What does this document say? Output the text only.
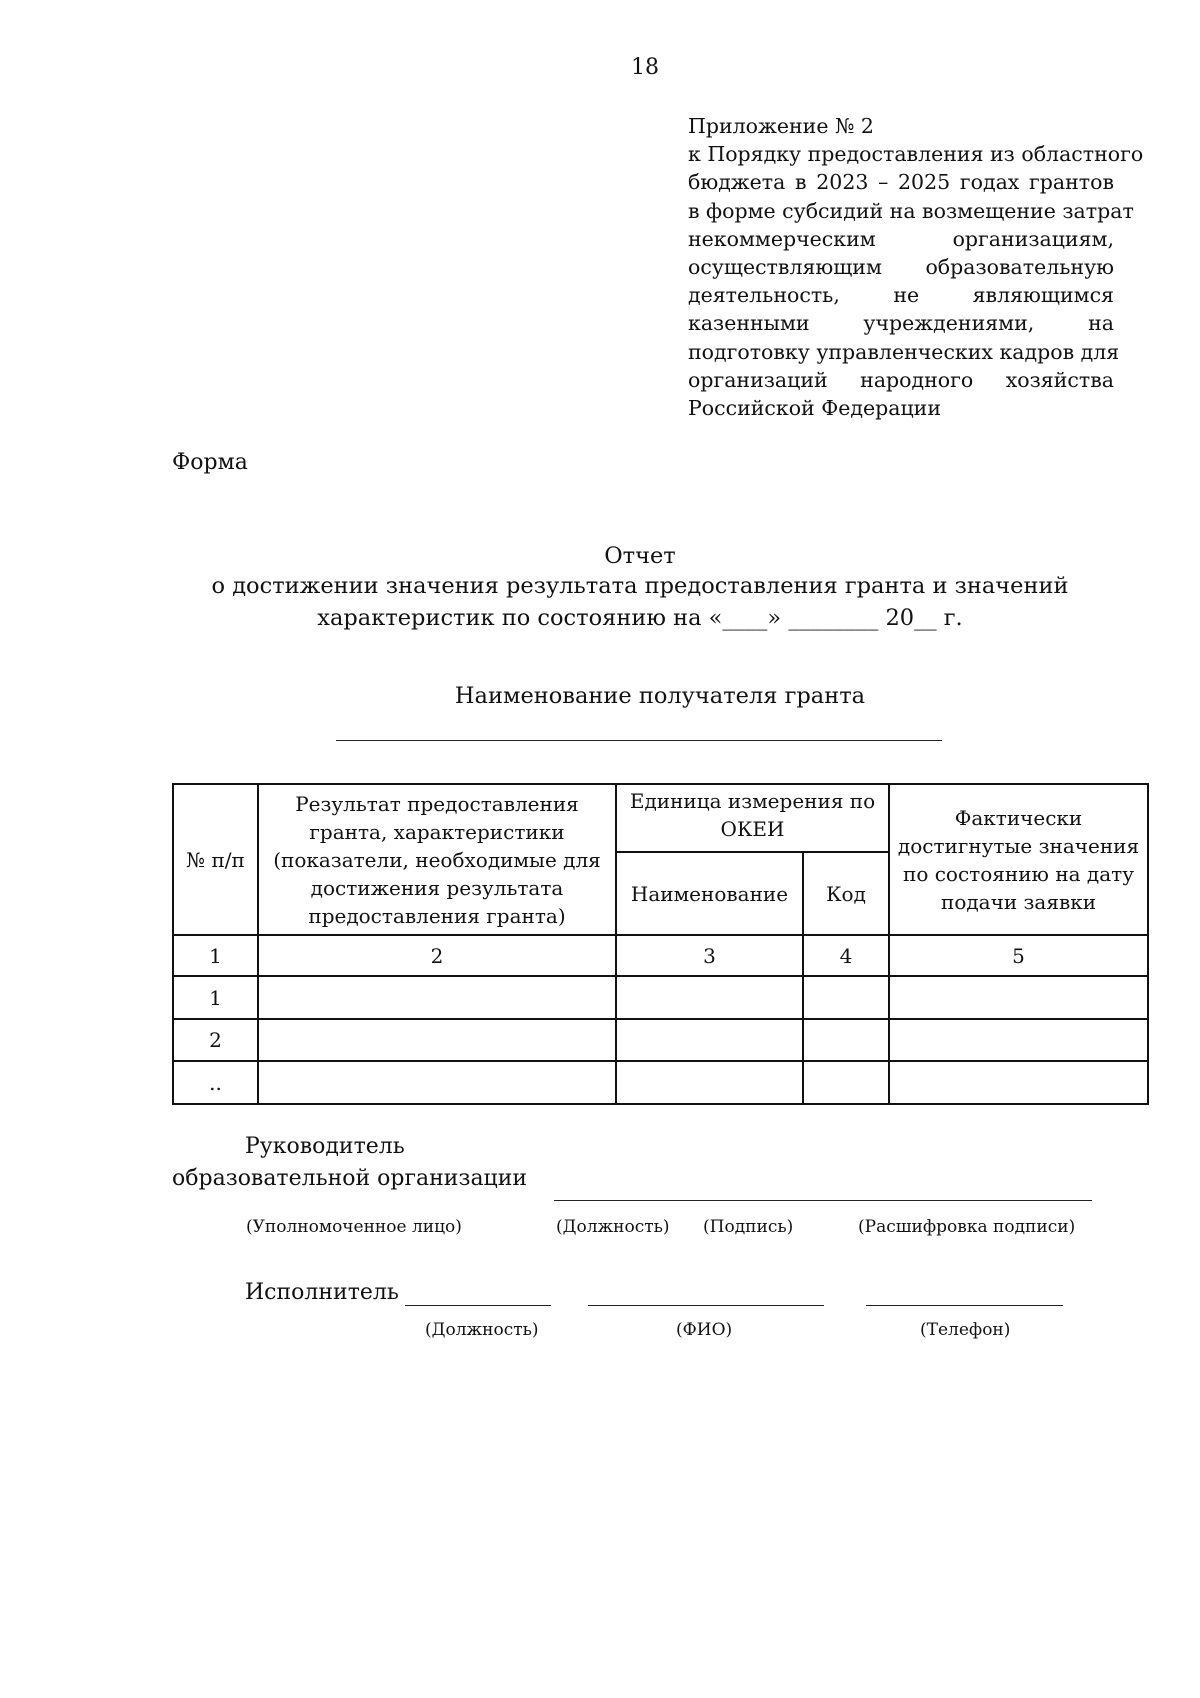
18
Приложение № 2
к Порядку предоставления из областного
бюджета в 2023 – 2025 годах грантов
в форме субсидий на возмещение затрат
некоммерческим организациям,
осуществляющим образовательную
деятельность, не являющимся
казенными учреждениями, на
подготовку управленческих кадров для
организаций народного хозяйства
Российской Федерации
Форма
Отчет
о достижении значения результата предоставления гранта и значений
характеристик по состоянию на «____» ________ 20__ г.
Наименование получателя гранта
№ п/п	Результат предоставления гранта, характеристики (показатели, необходимые для достижения результата предоставления гранта)	Единица измерения по ОКЕИ		Фактически достигнутые значения по состоянию на дату подачи заявки
		Наименование	Код	
1	2	3	4	5
1				
2				
..				
Руководитель
образовательной организации
(Уполномоченное лицо)	(Должность) (Подпись)	(Расшифровка подписи)
Исполнитель
(Должность)	(ФИО)	(Телефон)
